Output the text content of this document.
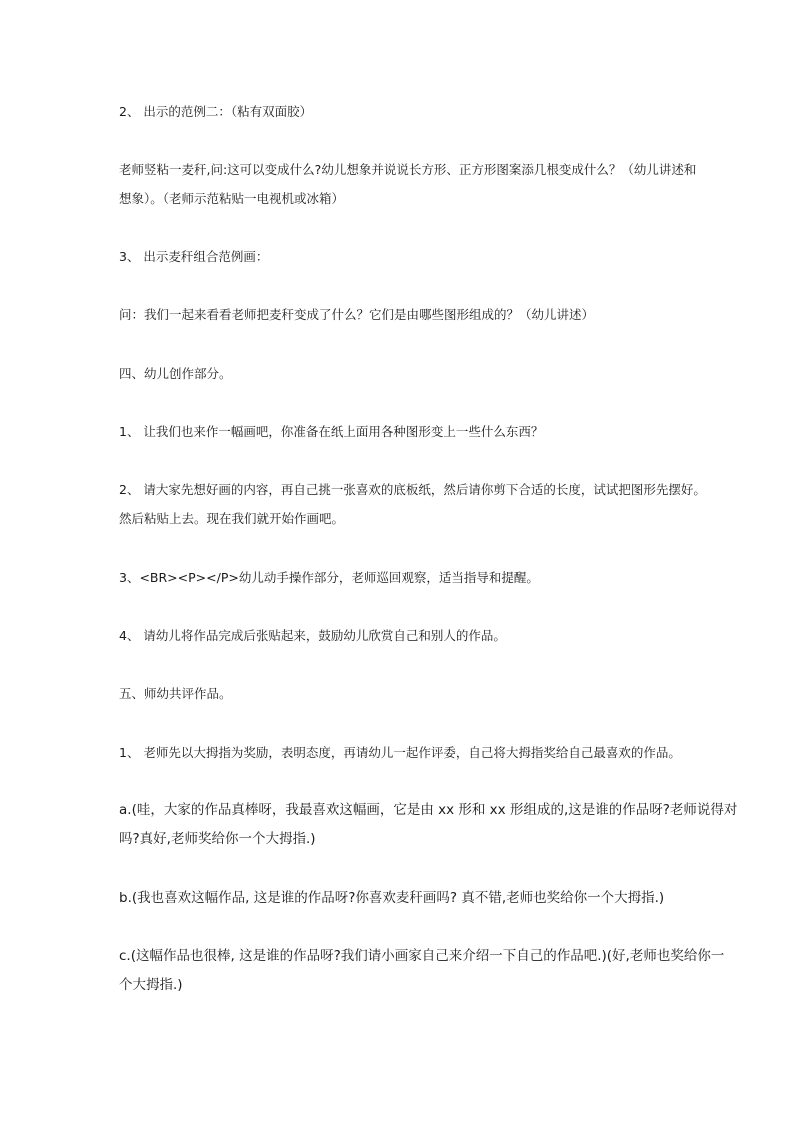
2、 出示的范例二：（粘有双面胶）

老师竖粘一麦秆,问:这可以变成什么?幼儿想象并说说长方形、正方形图案添几根变成什么？（幼儿讲述和
想象）。（老师示范粘贴一电视机或冰箱）

3、 出示麦秆组合范例画：

问：我们一起来看看老师把麦秆变成了什么？它们是由哪些图形组成的？（幼儿讲述）

四、幼儿创作部分。

1、 让我们也来作一幅画吧，你准备在纸上面用各种图形变上一些什么东西？

2、 请大家先想好画的内容，再自己挑一张喜欢的底板纸，然后请你剪下合适的长度，试试把图形先摆好。
然后粘贴上去。现在我们就开始作画吧。

3、<BR><P></P>幼儿动手操作部分，老师巡回观察，适当指导和提醒。

4、 请幼儿将作品完成后张贴起来，鼓励幼儿欣赏自己和别人的作品。

五、师幼共评作品。

1、 老师先以大拇指为奖励，表明态度，再请幼儿一起作评委，自己将大拇指奖给自己最喜欢的作品。

a.(哇，大家的作品真棒呀，我最喜欢这幅画，它是由 xx 形和 xx 形组成的,这是谁的作品呀?老师说得对
吗?真好,老师奖给你一个大拇指.)

b.(我也喜欢这幅作品, 这是谁的作品呀?你喜欢麦秆画吗? 真不错,老师也奖给你一个大拇指.)

c.(这幅作品也很棒, 这是谁的作品呀?我们请小画家自己来介绍一下自己的作品吧.)(好,老师也奖给你一
个大拇指.)
